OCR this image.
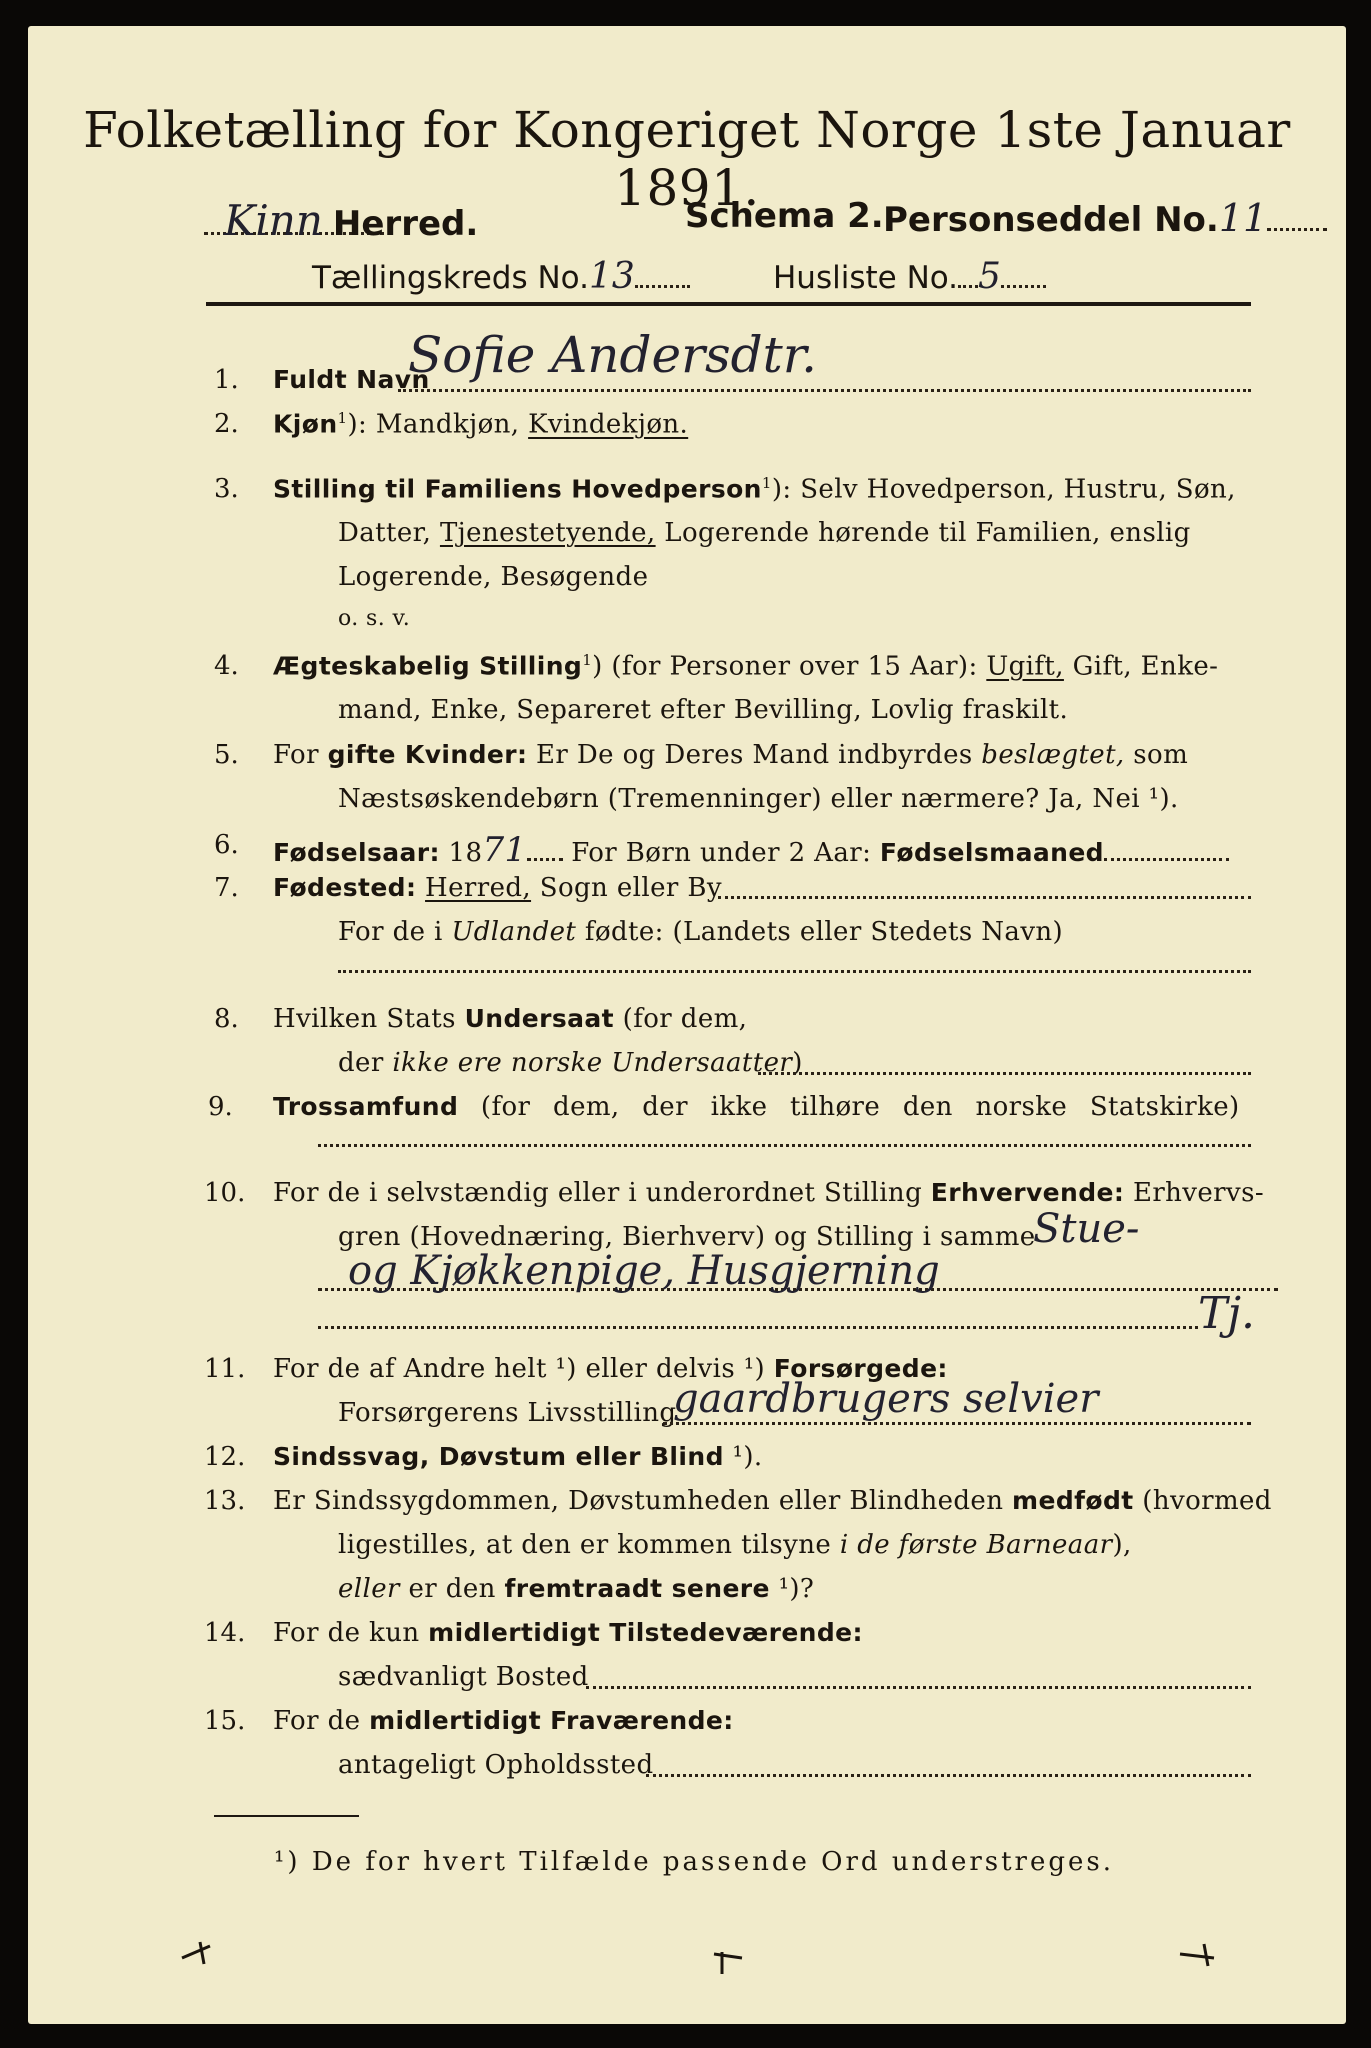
Folketælling for Kongeriget Norge 1ste Januar 1891.
Kinn Herred.	Schema 2. Personseddel No.11
Tællingskreds No.13	Husliste No. 5
1. Fuldt Navn
Sofie Andersdtr.
2. Kjøn$^1$): Mandkjøn, Kvindekjøn.
3. Stilling til Familiens Hovedperson$^1$): Selv Hovedperson, Hustru, Søn,
Datter, Tjenestetyende, Logerende hørende til Familien, enslig
Logerende, Besøgende
o. s. v.
4. Ægteskabelig Stilling$^1$) (for Personer over 15 Aar): Ugift, Gift, Enke-
mand, Enke, Separeret efter Bevilling, Lovlig fraskilt.
5. For gifte Kvinder: Er De og Deres Mand indbyrdes beslægtet, som
Næstsøskendebørn (Tremenninger) eller nærmere? Ja, Nei ¹).
6. Fødselsaar: 1871 For Børn under 2 Aar: Fødselsmaaned
7. Fødested: Herred, Sogn eller By
For de i Udlandet fødte: (Landets eller Stedets Navn)
8. Hvilken Stats Undersaat (for dem,
der ikke ere norske Undersaatter)
9. Trossamfund (for dem, der ikke tilhøre den norske Statskirke)
10. For de i selvstændig eller i underordnet Stilling Erhvervende: Erhvervs-
gren (Hovednæring, Bierhverv) og Stilling i samme
Stue-
og Kjøkkenpige, Husgjerning
Tj.
11. For de af Andre helt ¹) eller delvis ¹) Forsørgede:
Forsørgerens Livsstilling
gaardbrugers selvier
12. Sindssvag, Døvstum eller Blind ¹).
13. Er Sindssygdommen, Døvstumheden eller Blindheden medfødt (hvormed
ligestilles, at den er kommen tilsyne i de første Barneaar),
eller er den fremtraadt senere ¹)?
14. For de kun midlertidigt Tilstedeværende:
sædvanligt Bosted
15. For de midlertidigt Fraværende:
antageligt Opholdssted
¹) De for hvert Tilfælde passende Ord understreges.
